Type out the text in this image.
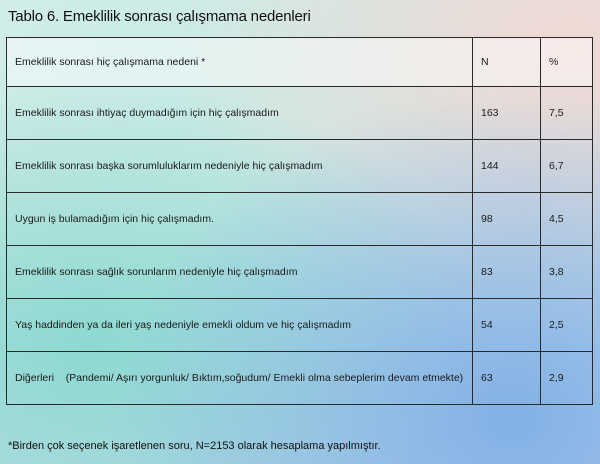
Tablo 6. Emeklilik sonrası çalışmama nedenleri
Emeklilik sonrası hiç çalışmama nedeni *	N	%
Emeklilik sonrası ihtiyaç duymadığım için hiç çalışmadım	163	7,5
Emeklilik sonrası başka sorumluluklarım nedeniyle hiç çalışmadım	144	6,7
Uygun iş bulamadığım için hiç çalışmadım.	98	4,5
Emeklilik sonrası sağlık sorunlarım nedeniyle hiç çalışmadım	83	3,8
Yaş haddinden ya da ileri yaş nedeniyle emekli oldum ve hiç çalışmadım	54	2,5
Diğerleri    (Pandemi/ Aşırı yorgunluk/ Bıktım,soğudum/ Emekli olma sebeplerim devam etmekte)	63	2,9
*Birden çok seçenek işaretlenen soru, N=2153 olarak hesaplama yapılmıştır.
